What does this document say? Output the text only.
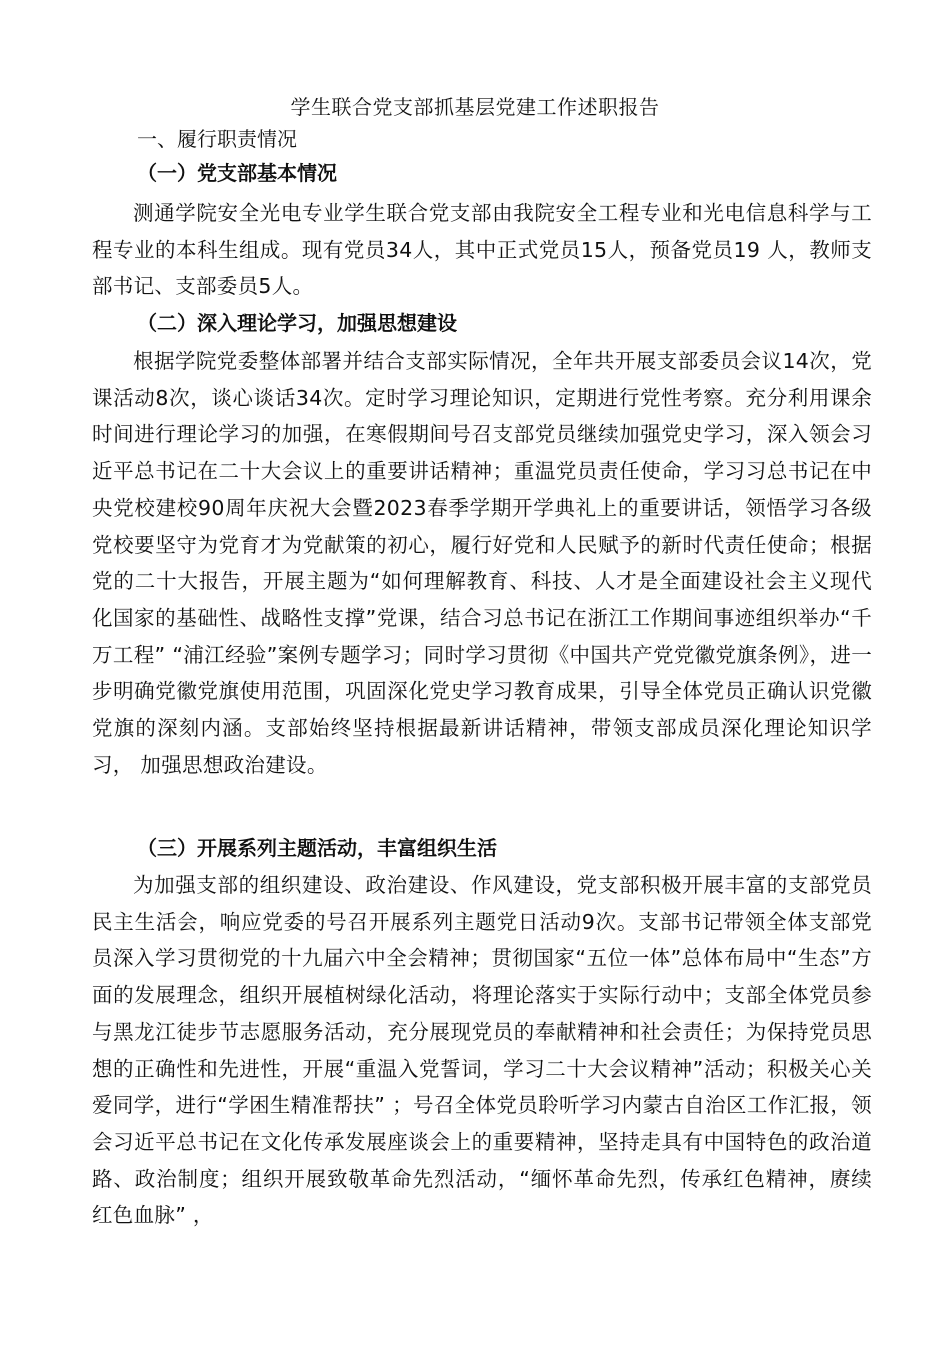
学生联合党支部抓基层党建工作述职报告
一、履行职责情况
（一）党支部基本情况

测通学院安全光电专业学生联合党支部由我院安全工程专业和光电信息科学与工程专业的本科生组成。现有党员34人，其中正式党员15人，预备党员19 人，教师支部书记、支部委员5人。

（二）深入理论学习，加强思想建设

根据学院党委整体部署并结合支部实际情况，全年共开展支部委员会议14次，党课活动8次，谈心谈话34次。定时学习理论知识，定期进行党性考察。充分利用课余时间进行理论学习的加强，在寒假期间号召支部党员继续加强党史学习，深入领会习近平总书记在二十大会议上的重要讲话精神；重温党员责任使命，学习习总书记在中央党校建校90周年庆祝大会暨2023春季学期开学典礼上的重要讲话，领悟学习各级党校要坚守为党育才为党献策的初心，履行好党和人民赋予的新时代责任使命；根据党的二十大报告，开展主题为“如何理解教育、科技、人才是全面建设社会主义现代化国家的基础性、战略性支撑”党课，结合习总书记在浙江工作期间事迹组织举办“千万工程” “浦江经验”案例专题学习；同时学习贯彻《中国共产党党徽党旗条例》，进一步明确党徽党旗使用范围，巩固深化党史学习教育成果，引导全体党员正确认识党徽党旗的深刻内涵。支部始终坚持根据最新讲话精神，带领支部成员深化理论知识学习， 加强思想政治建设。

（三）开展系列主题活动，丰富组织生活

为加强支部的组织建设、政治建设、作风建设，党支部积极开展丰富的支部党员民主生活会，响应党委的号召开展系列主题党日活动9次。支部书记带领全体支部党员深入学习贯彻党的十九届六中全会精神；贯彻国家“五位一体”总体布局中“生态”方面的发展理念，组织开展植树绿化活动，将理论落实于实际行动中；支部全体党员参与黑龙江徒步节志愿服务活动，充分展现党员的奉献精神和社会责任；为保持党员思想的正确性和先进性，开展“重温入党誓词，学习二十大会议精神”活动；积极关心关爱同学，进行“学困生精准帮扶” ；号召全体党员聆听学习内蒙古自治区工作汇报，领会习近平总书记在文化传承发展座谈会上的重要精神，坚持走具有中国特色的政治道路、政治制度；组织开展致敬革命先烈活动，“缅怀革命先烈，传承红色精神，赓续红色血脉” ，
